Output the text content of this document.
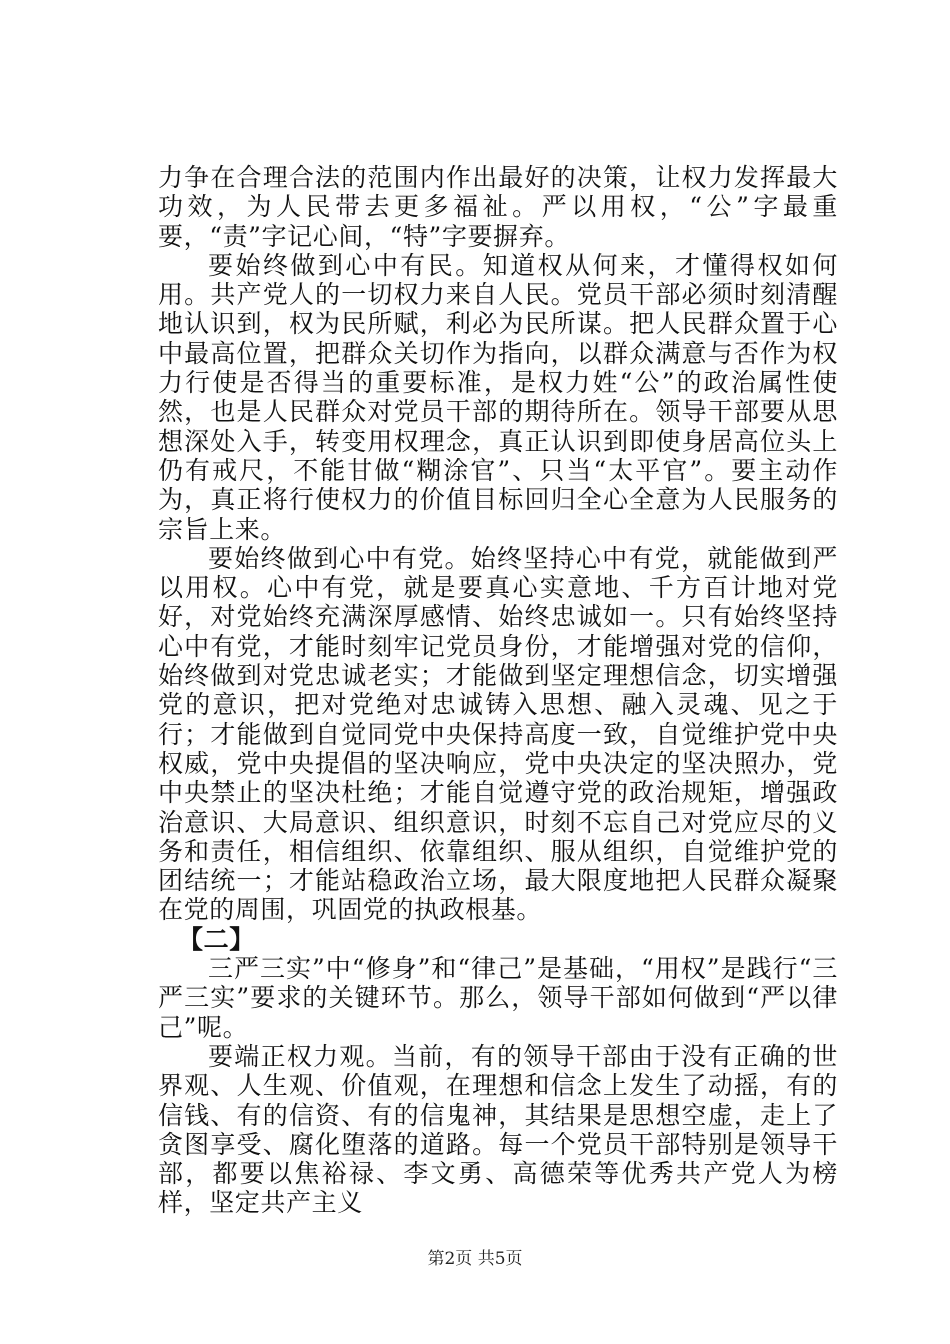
力争在合理合法的范围内作出最好的决策，让权力发挥最大功效，为人民带去更多福祉。严以用权，“公”字最重要，“责”字记心间，“特”字要摒弃。

要始终做到心中有民。知道权从何来，才懂得权如何用。共产党人的一切权力来自人民。党员干部必须时刻清醒地认识到，权为民所赋，利必为民所谋。把人民群众置于心中最高位置，把群众关切作为指向，以群众满意与否作为权力行使是否得当的重要标准，是权力姓“公”的政治属性使然，也是人民群众对党员干部的期待所在。领导干部要从思想深处入手，转变用权理念，真正认识到即使身居高位头上仍有戒尺，不能甘做“糊涂官”、只当“太平官”。要主动作为，真正将行使权力的价值目标回归全心全意为人民服务的宗旨上来。

要始终做到心中有党。始终坚持心中有党，就能做到严以用权。心中有党，就是要真心实意地、千方百计地对党好，对党始终充满深厚感情、始终忠诚如一。只有始终坚持心中有党，才能时刻牢记党员身份，才能增强对党的信仰，始终做到对党忠诚老实；才能做到坚定理想信念，切实增强党的意识，把对党绝对忠诚铸入思想、融入灵魂、见之于行；才能做到自觉同党中央保持高度一致，自觉维护党中央权威，党中央提倡的坚决响应，党中央决定的坚决照办，党中央禁止的坚决杜绝；才能自觉遵守党的政治规矩，增强政治意识、大局意识、组织意识，时刻不忘自己对党应尽的义务和责任，相信组织、依靠组织、服从组织，自觉维护党的团结统一；才能站稳政治立场，最大限度地把人民群众凝聚在党的周围，巩固党的执政根基。

【二】

三严三实”中“修身”和“律己”是基础，“用权”是践行“三严三实”要求的关键环节。那么，领导干部如何做到“严以律己”呢。

要端正权力观。当前，有的领导干部由于没有正确的世界观、人生观、价值观，在理想和信念上发生了动摇，有的信钱、有的信资、有的信鬼神，其结果是思想空虚，走上了贪图享受、腐化堕落的道路。每一个党员干部特别是领导干部，都要以焦裕禄、李文勇、高德荣等优秀共产党人为榜样，坚定共产主义

第2页 共5页
